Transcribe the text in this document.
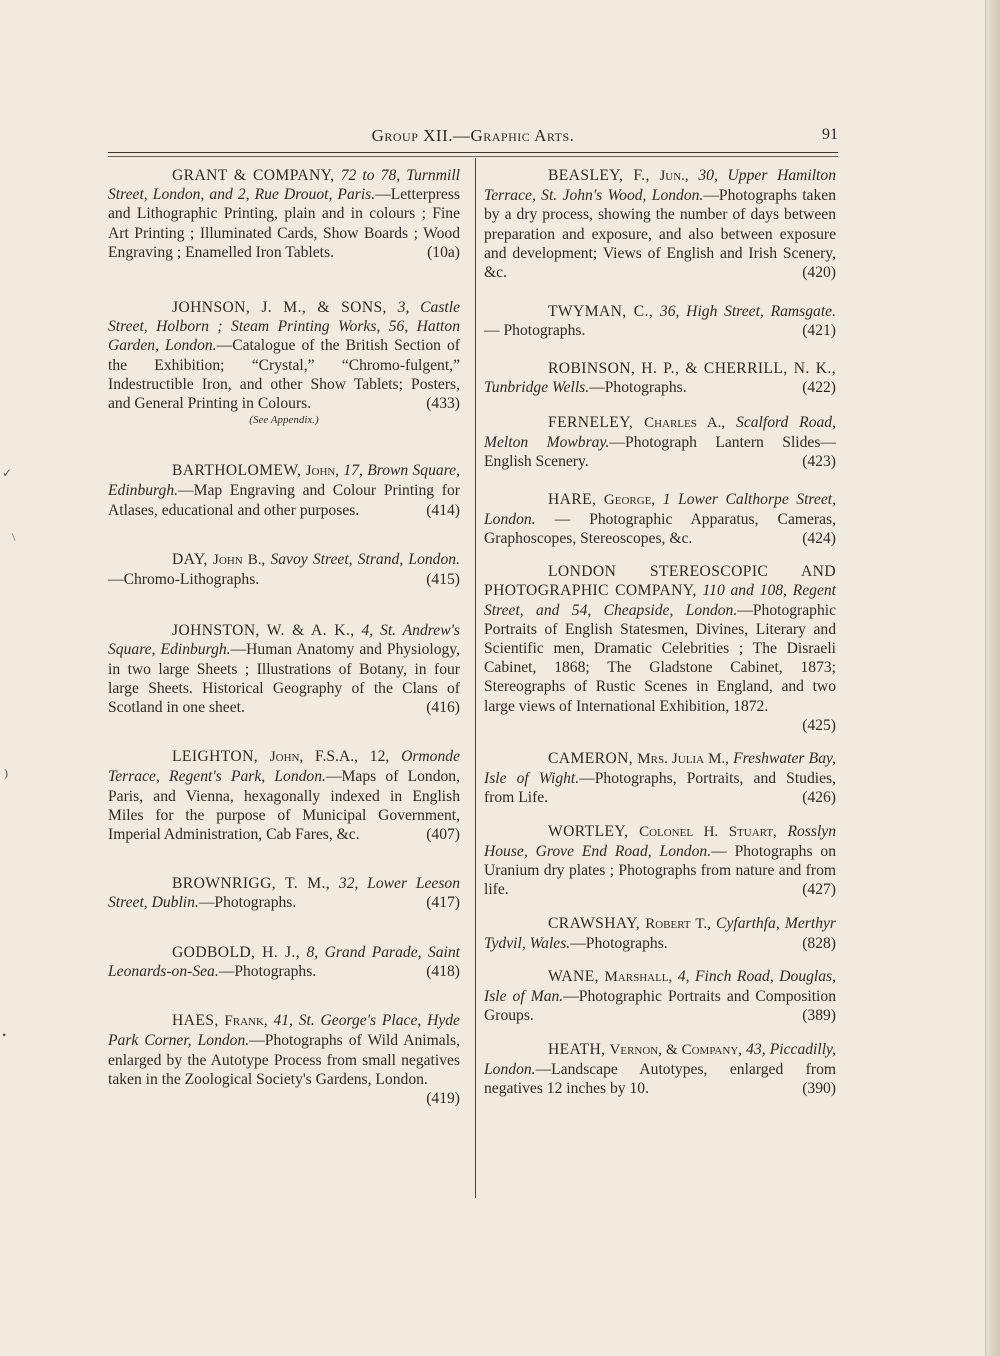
Group XII.—Graphic Arts.	91
✓
\
)
•

GRANT & COMPANY, 72 to 78, Turnmill Street, London, and 2, Rue Drouot, Paris.—Letterpress and Lithographic Printing, plain and in colours ; Fine Art Printing ; Illuminated Cards, Show Boards ; Wood Engraving ; Enamelled Iron Tablets.	(10a)

JOHNSON, J. M., & SONS, 3, Castle Street, Holborn ; Steam Printing Works, 56, Hatton Garden, London.—Catalogue of the British Section of the Exhibition; “Crystal,” “Chromo-fulgent,” Indestructible Iron, and other Show Tablets; Posters, and General Printing in Colours.	(433)

(See Appendix.)

BARTHOLOMEW, John, 17, Brown Square, Edinburgh.—Map Engraving and Colour Printing for Atlases, educational and other purposes.	(414)

DAY, John B., Savoy Street, Strand, London.—Chromo-Lithographs.	(415)

JOHNSTON, W. & A. K., 4, St. Andrew's Square, Edinburgh.—Human Anatomy and Physiology, in two large Sheets ; Illustrations of Botany, in four large Sheets. Historical Geography of the Clans of Scotland in one sheet.	(416)

LEIGHTON, John, F.S.A., 12, Ormonde Terrace, Regent's Park, London.—Maps of London, Paris, and Vienna, hexagonally indexed in English Miles for the purpose of Municipal Government, Imperial Administration, Cab Fares, &c.	(407)

BROWNRIGG, T. M., 32, Lower Leeson Street, Dublin.—Photographs.	(417)

GODBOLD, H. J., 8, Grand Parade, Saint Leonards-on-Sea.—Photographs.	(418)

HAES, Frank, 41, St. George's Place, Hyde Park Corner, London.—Photographs of Wild Animals, enlarged by the Autotype Process from small negatives taken in the Zoological Society's Gardens, London.
(419)

BEASLEY, F., Jun., 30, Upper Hamilton Terrace, St. John's Wood, London.—Photographs taken by a dry process, showing the number of days between preparation and exposure, and also between exposure and development; Views of English and Irish Scenery, &c.	(420)

TWYMAN, C., 36, High Street, Ramsgate.— Photographs.	(421)

ROBINSON, H. P., & CHERRILL, N. K., Tunbridge Wells.—Photographs.	(422)

FERNELEY, Charles A., Scalford Road, Melton Mowbray.—Photograph Lantern Slides—English Scenery.	(423)

HARE, George, 1 Lower Calthorpe Street, London. — Photographic Apparatus, Cameras, Graphoscopes, Stereoscopes, &c.	(424)

LONDON STEREOSCOPIC AND PHOTOGRAPHIC COMPANY, 110 and 108, Regent Street, and 54, Cheapside, London.—Photographic Portraits of English Statesmen, Divines, Literary and Scientific men, Dramatic Celebrities ; The Disraeli Cabinet, 1868; The Gladstone Cabinet, 1873; Stereographs of Rustic Scenes in England, and two large views of International Exhibition, 1872.
(425)

CAMERON, Mrs. Julia M., Freshwater Bay, Isle of Wight.—Photographs, Portraits, and Studies, from Life.	(426)

WORTLEY, Colonel H. Stuart, Rosslyn House, Grove End Road, London.— Photographs on Uranium dry plates ; Photographs from nature and from life.	(427)

CRAWSHAY, Robert T., Cyfarthfa, Merthyr Tydvil, Wales.—Photographs.	(828)

WANE, Marshall, 4, Finch Road, Douglas, Isle of Man.—Photographic Portraits and Composition Groups.	(389)

HEATH, Vernon, & Company, 43, Piccadilly, London.—Landscape Autotypes, enlarged from negatives 12 inches by 10.	(390)
